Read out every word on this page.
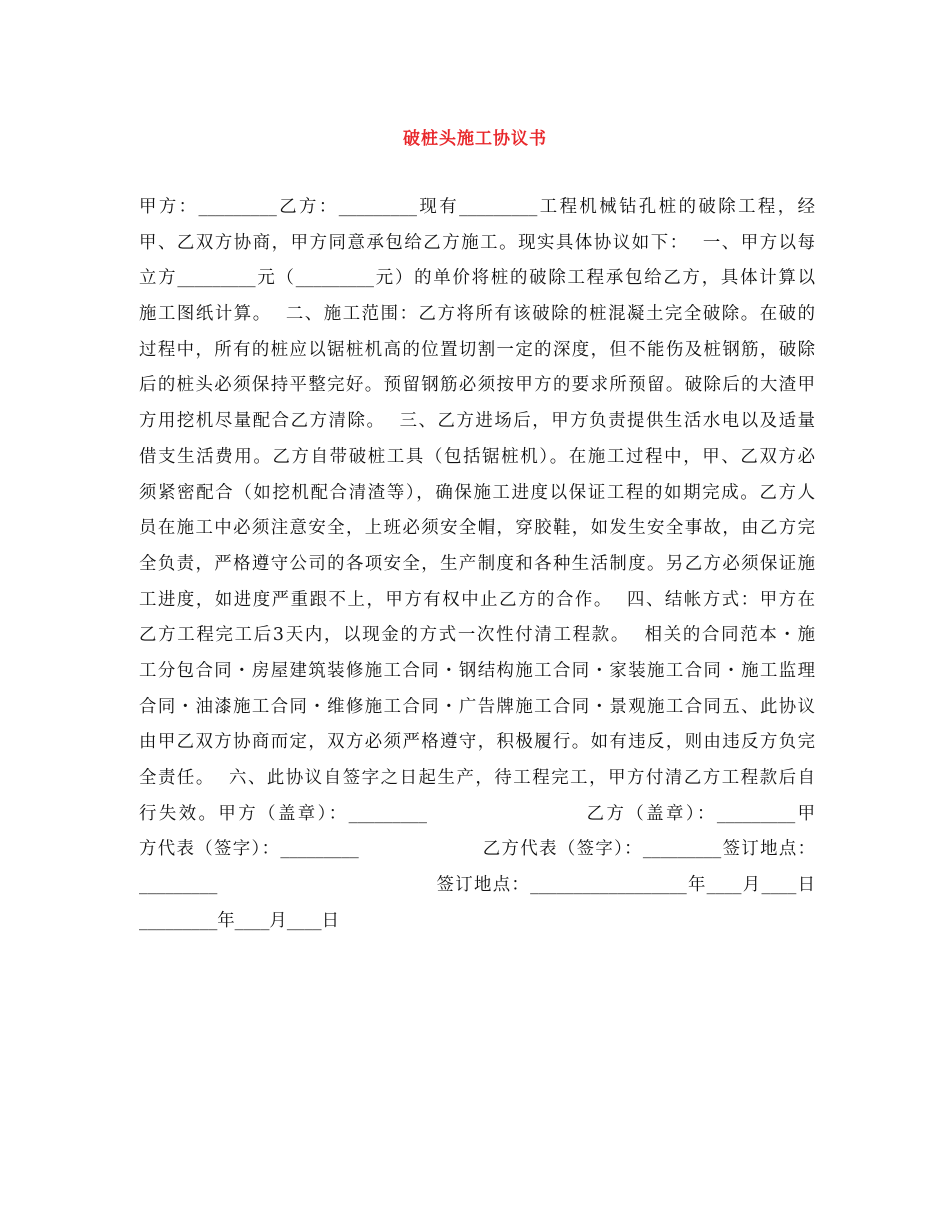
破桩头施工协议书
甲方：_________乙方：_________现有_________工程机械钻孔桩的破除工程，经
甲、乙双方协商，甲方同意承包给乙方施工。现实具体协议如下：  一、甲方以每
立方_________元（_________元）的单价将桩的破除工程承包给乙方，具体计算以
施工图纸计算。  二、施工范围：乙方将所有该破除的桩混凝土完全破除。在破的
过程中，所有的桩应以锯桩机高的位置切割一定的深度，但不能伤及桩钢筋，破除
后的桩头必须保持平整完好。预留钢筋必须按甲方的要求所预留。破除后的大渣甲
方用挖机尽量配合乙方清除。  三、乙方进场后，甲方负责提供生活水电以及适量
借支生活费用。乙方自带破桩工具（包括锯桩机）。在施工过程中，甲、乙双方必
须紧密配合（如挖机配合清渣等），确保施工进度以保证工程的如期完成。乙方人
员在施工中必须注意安全，上班必须安全帽，穿胶鞋，如发生安全事故，由乙方完
全负责，严格遵守公司的各项安全，生产制度和各种生活制度。另乙方必须保证施
工进度，如进度严重跟不上，甲方有权中止乙方的合作。  四、结帐方式：甲方在
乙方工程完工后3天内，以现金的方式一次性付清工程款。  相关的合同范本・施
工分包合同・房屋建筑装修施工合同・钢结构施工合同・家装施工合同・施工监理
合同・油漆施工合同・维修施工合同・广告牌施工合同・景观施工合同五、此协议
由甲乙双方协商而定，双方必须严格遵守，积极履行。如有违反，则由违反方负完
全责任。  六、此协议自签字之日起生产，待工程完工，甲方付清乙方工程款后自
行失效。甲方（盖章）：_________                    乙方（盖章）：_________甲
方代表（签字）：_________                  乙方代表（签字）：_________签订地点：
_________                                签订地点：__________________年____月____日
_________年____月____日
